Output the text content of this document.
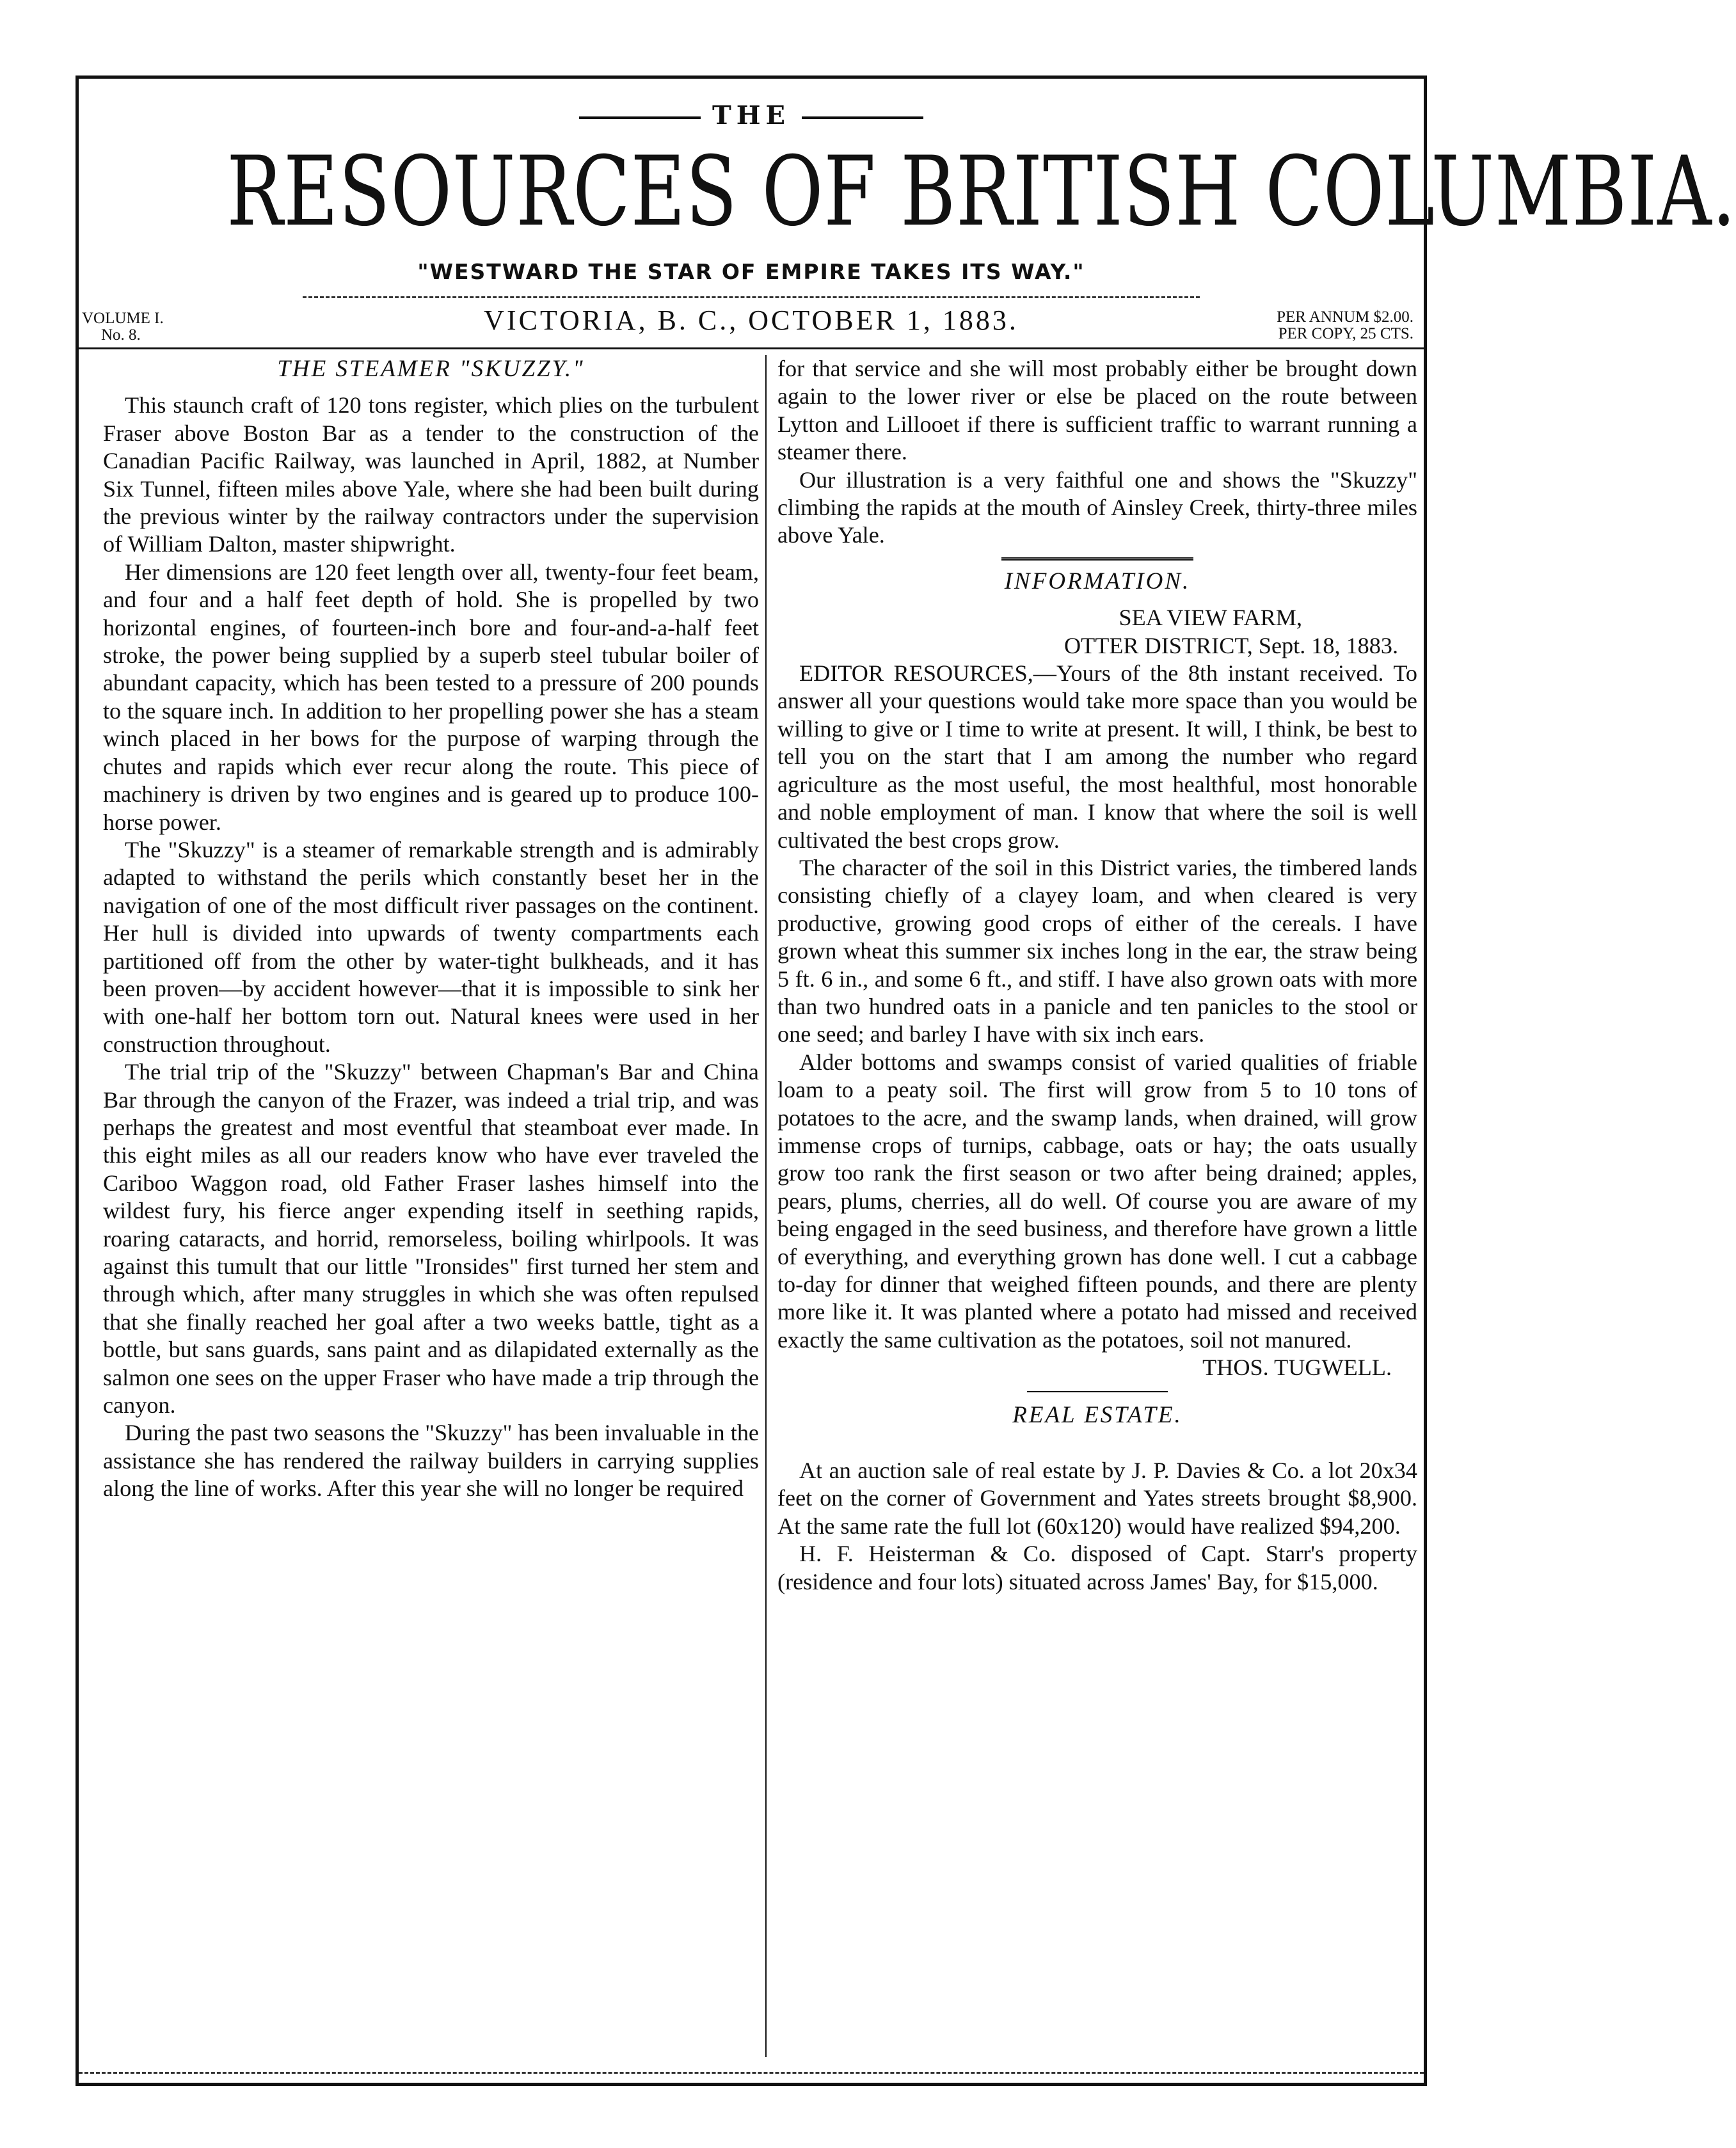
THE
RESOURCES OF BRITISH COLUMBIA.
"WESTWARD THE STAR OF EMPIRE TAKES ITS WAY."
VOLUME I.
No. 8.	VICTORIA, B. C., OCTOBER 1, 1883.	PER ANNUM $2.00.
PER COPY, 25 CTS.
THE STEAMER "SKUZZY."

This staunch craft of 120 tons register, which plies on the turbulent Fraser above Boston Bar as a tender to the construction of the Canadian Pacific Railway, was launched in April, 1882, at Number Six Tunnel, fifteen miles above Yale, where she had been built during the previous winter by the railway contractors under the supervision of William Dalton, master shipwright.

Her dimensions are 120 feet length over all, twenty-four feet beam, and four and a half feet depth of hold. She is propelled by two horizontal engines, of fourteen-inch bore and four-and-a-half feet stroke, the power being supplied by a superb steel tubular boiler of abundant capacity, which has been tested to a pressure of 200 pounds to the square inch. In addition to her propelling power she has a steam winch placed in her bows for the purpose of warping through the chutes and rapids which ever recur along the route. This piece of machinery is driven by two engines and is geared up to produce 100-horse power.

The "Skuzzy" is a steamer of remarkable strength and is admirably adapted to withstand the perils which constantly beset her in the navigation of one of the most difficult river passages on the continent. Her hull is divided into upwards of twenty compartments each partitioned off from the other by water-tight bulkheads, and it has been proven—by accident however—that it is impossible to sink her with one-half her bottom torn out. Natural knees were used in her construction throughout.

The trial trip of the "Skuzzy" between Chapman's Bar and China Bar through the canyon of the Frazer, was indeed a trial trip, and was perhaps the greatest and most eventful that steamboat ever made. In this eight miles as all our readers know who have ever traveled the Cariboo Waggon road, old Father Fraser lashes himself into the wildest fury, his fierce anger expending itself in seething rapids, roaring cataracts, and horrid, remorseless, boiling whirlpools. It was against this tumult that our little "Ironsides" first turned her stem and through which, after many struggles in which she was often repulsed that she finally reached her goal after a two weeks battle, tight as a bottle, but sans guards, sans paint and as dilapidated externally as the salmon one sees on the upper Fraser who have made a trip through the canyon.

During the past two seasons the "Skuzzy" has been invaluable in the assistance she has rendered the railway builders in carrying supplies along the line of works. After this year she will no longer be required

for that service and she will most probably either be brought down again to the lower river or else be placed on the route between Lytton and Lillooet if there is sufficient traffic to warrant running a steamer there.

Our illustration is a very faithful one and shows the "Skuzzy" climbing the rapids at the mouth of Ainsley Creek, thirty-three miles above Yale.

INFORMATION.

SEA VIEW FARM,

OTTER DISTRICT, Sept. 18, 1883.

EDITOR RESOURCES,—Yours of the 8th instant received. To answer all your questions would take more space than you would be willing to give or I time to write at present. It will, I think, be best to tell you on the start that I am among the number who regard agriculture as the most useful, the most healthful, most honorable and noble employment of man. I know that where the soil is well cultivated the best crops grow.

The character of the soil in this District varies, the timbered lands consisting chiefly of a clayey loam, and when cleared is very productive, growing good crops of either of the cereals. I have grown wheat this summer six inches long in the ear, the straw being 5 ft. 6 in., and some 6 ft., and stiff. I have also grown oats with more than two hundred oats in a panicle and ten panicles to the stool or one seed; and barley I have with six inch ears.

Alder bottoms and swamps consist of varied qualities of friable loam to a peaty soil. The first will grow from 5 to 10 tons of potatoes to the acre, and the swamp lands, when drained, will grow immense crops of turnips, cabbage, oats or hay; the oats usually grow too rank the first season or two after being drained; apples, pears, plums, cherries, all do well. Of course you are aware of my being engaged in the seed business, and therefore have grown a little of everything, and everything grown has done well. I cut a cabbage to-day for dinner that weighed fifteen pounds, and there are plenty more like it. It was planted where a potato had missed and received exactly the same cultivation as the potatoes, soil not manured.

THOS. TUGWELL.

REAL ESTATE.

At an auction sale of real estate by J. P. Davies & Co. a lot 20x34 feet on the corner of Government and Yates streets brought $8,900. At the same rate the full lot (60x120) would have realized $94,200.

H. F. Heisterman & Co. disposed of Capt. Starr's property (residence and four lots) situated across James' Bay, for $15,000.
